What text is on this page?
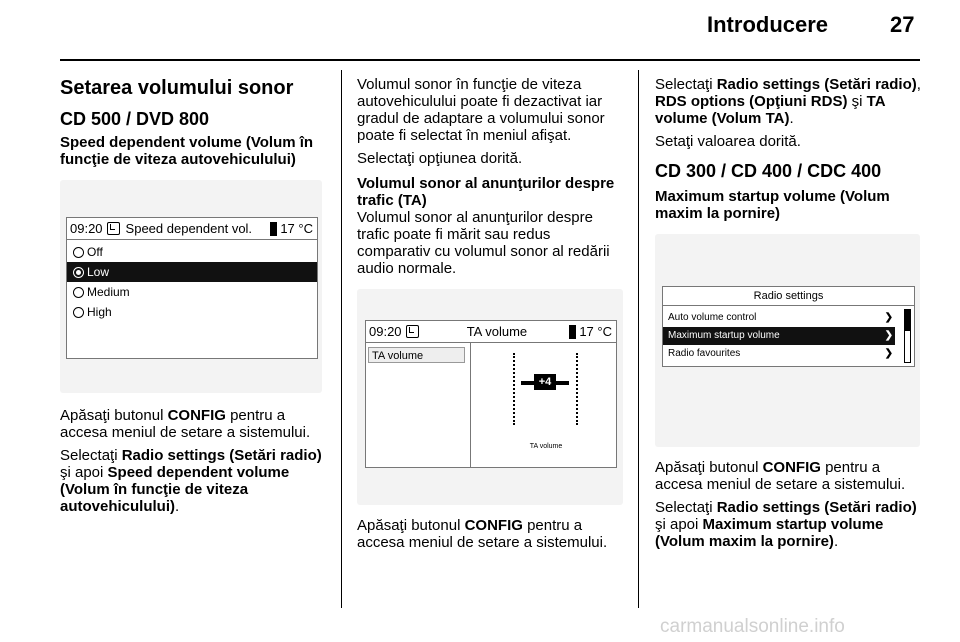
Introducere	27
Setarea volumului sonor
CD 500 / DVD 800
Speed dependent volume (Volum în funcţie de viteza autovehiculului)
09:20 Speed dependent vol.	17 °C
Off
Low
Medium
High

Apăsaţi butonul CONFIG pentru a accesa meniul de setare a sistemului.

Selectaţi Radio settings (Setări radio) şi apoi Speed dependent volume (Volum în funcţie de viteza autovehiculului).

Volumul sonor în funcţie de viteza autovehiculului poate fi dezactivat iar gradul de adaptare a volumului sonor poate fi selectat în meniul afişat.

Selectaţi opţiunea dorită.

Volumul sonor al anunţurilor despre trafic (TA)

Volumul sonor al anunţurilor despre trafic poate fi mărit sau redus comparativ cu volumul sonor al redării audio normale.

09:20	TA volume	17 °C
TA volume
+4
TA volume

Apăsaţi butonul CONFIG pentru a accesa meniul de setare a sistemului.

Selectaţi Radio settings (Setări radio), RDS options (Opţiuni RDS) şi TA volume (Volum TA).

Setaţi valoarea dorită.

CD 300 / CD 400 / CDC 400
Maximum startup volume (Volum maxim la pornire)
Radio settings
Auto volume control	❯
Maximum startup volume	❯
Radio favourites	❯

Apăsaţi butonul CONFIG pentru a accesa meniul de setare a sistemului.

Selectaţi Radio settings (Setări radio) şi apoi Maximum startup volume (Volum maxim la pornire).

carmanualsonline.info
